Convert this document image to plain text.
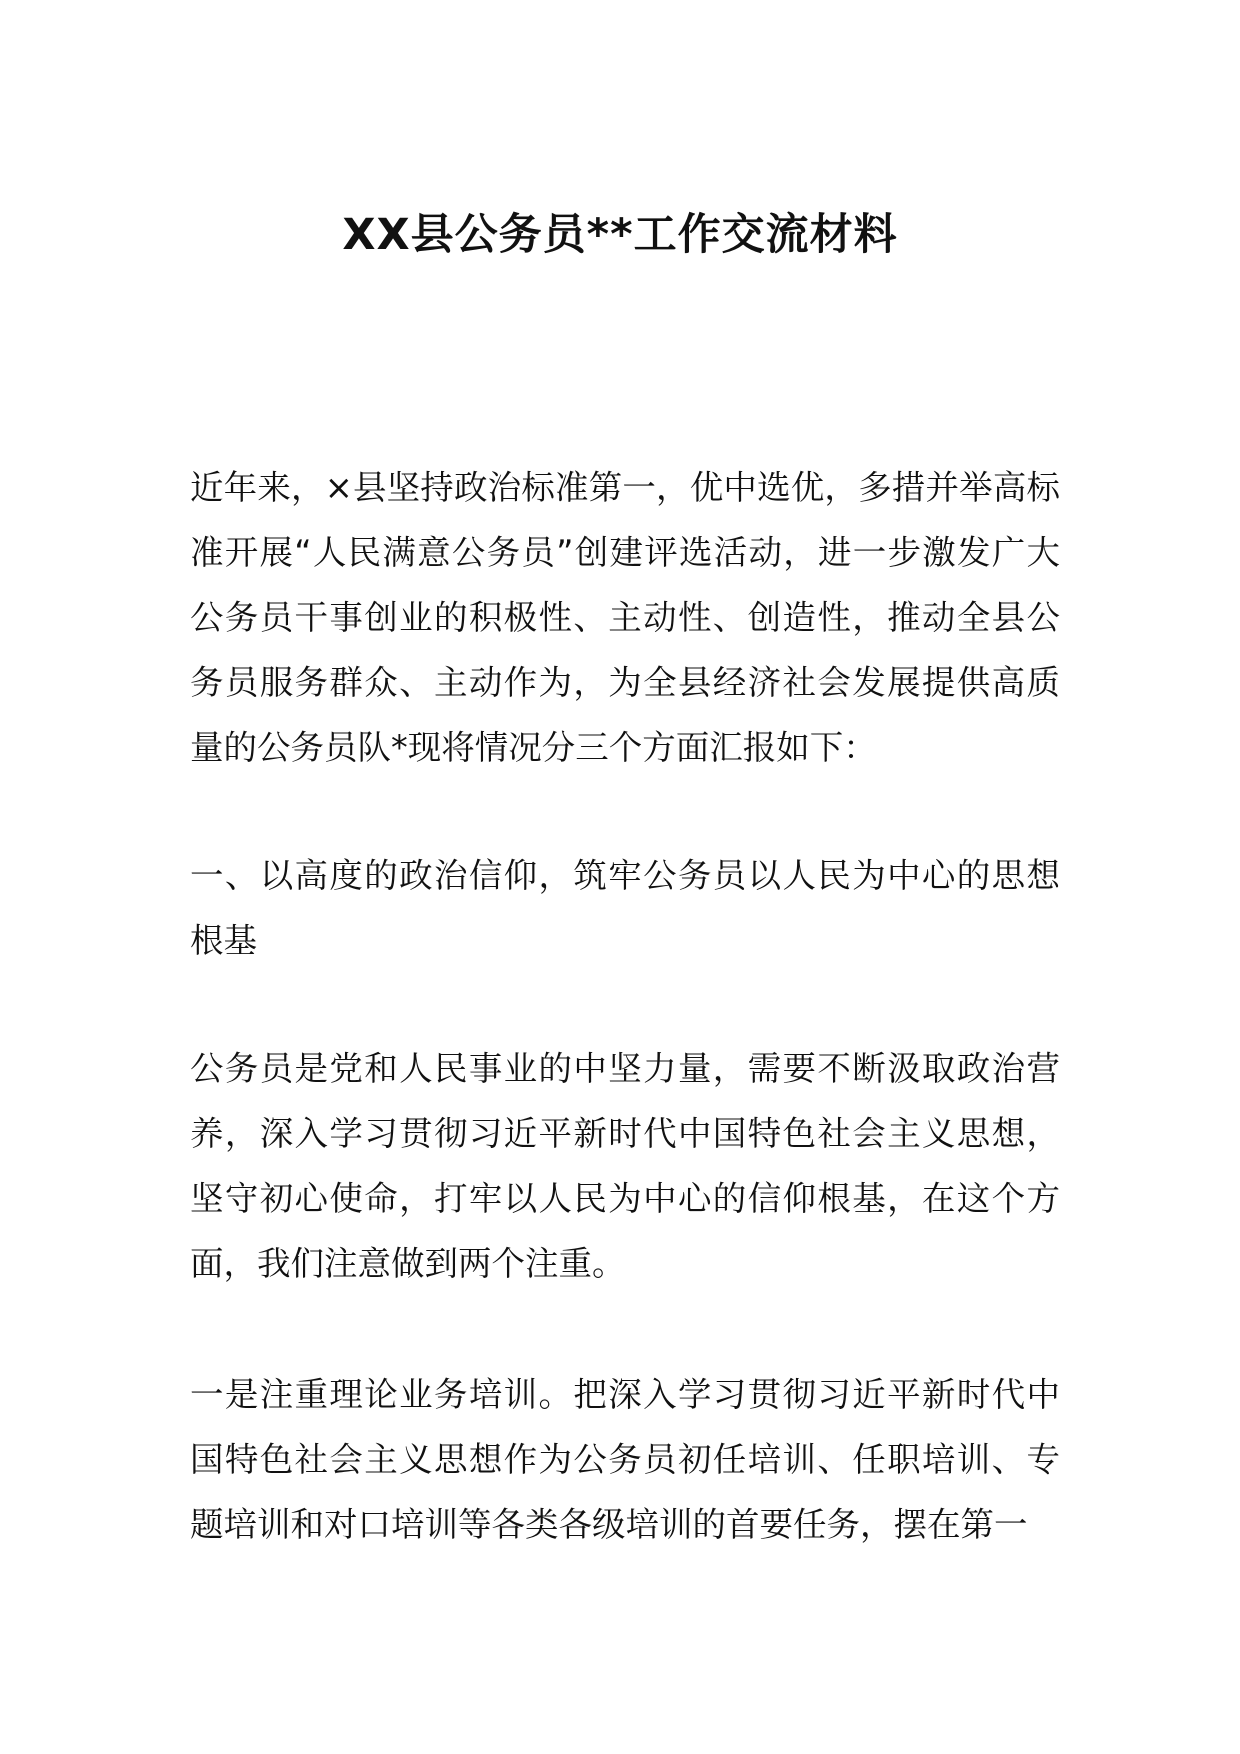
XX县公务员**工作交流材料

近年来，×县坚持政治标准第一，优中选优，多措并举高标准开展“人民满意公务员”创建评选活动，进一步激发广大公务员干事创业的积极性、主动性、创造性，推动全县公务员服务群众、主动作为，为全县经济社会发展提供高质量的公务员队*现将情况分三个方面汇报如下：

一、以高度的政治信仰，筑牢公务员以人民为中心的思想根基

公务员是党和人民事业的中坚力量，需要不断汲取政治营养，深入学习贯彻习近平新时代中国特色社会主义思想，坚守初心使命，打牢以人民为中心的信仰根基，在这个方面，我们注意做到两个注重。

一是注重理论业务培训。把深入学习贯彻习近平新时代中国特色社会主义思想作为公务员初任培训、任职培训、专题培训和对口培训等各类各级培训的首要任务，摆在第一
